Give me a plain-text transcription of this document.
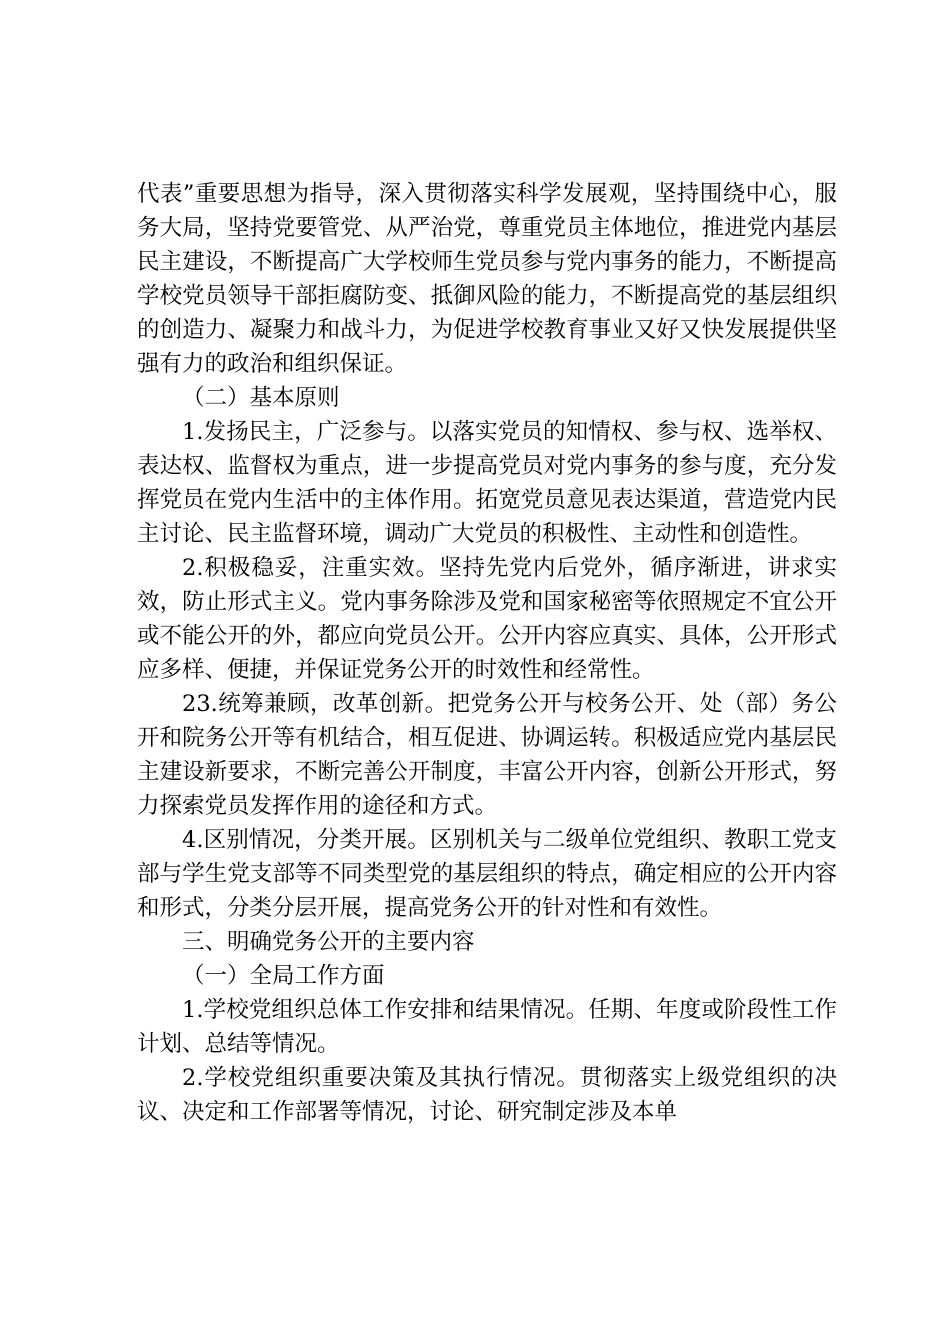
代表”重要思想为指导，深入贯彻落实科学发展观，坚持围绕中心，服务大局，坚持党要管党、从严治党，尊重党员主体地位，推进党内基层民主建设，不断提高广大学校师生党员参与党内事务的能力，不断提高学校党员领导干部拒腐防变、抵御风险的能力，不断提高党的基层组织的创造力、凝聚力和战斗力，为促进学校教育事业又好又快发展提供坚强有力的政治和组织保证。

（二）基本原则

1.发扬民主，广泛参与。以落实党员的知情权、参与权、选举权、表达权、监督权为重点，进一步提高党员对党内事务的参与度，充分发挥党员在党内生活中的主体作用。拓宽党员意见表达渠道，营造党内民主讨论、民主监督环境，调动广大党员的积极性、主动性和创造性。

2.积极稳妥，注重实效。坚持先党内后党外，循序渐进，讲求实效，防止形式主义。党内事务除涉及党和国家秘密等依照规定不宜公开或不能公开的外，都应向党员公开。公开内容应真实、具体，公开形式应多样、便捷，并保证党务公开的时效性和经常性。

23.统筹兼顾，改革创新。把党务公开与校务公开、处（部）务公开和院务公开等有机结合，相互促进、协调运转。积极适应党内基层民主建设新要求，不断完善公开制度，丰富公开内容，创新公开形式，努力探索党员发挥作用的途径和方式。

4.区别情况，分类开展。区别机关与二级单位党组织、教职工党支部与学生党支部等不同类型党的基层组织的特点，确定相应的公开内容和形式，分类分层开展，提高党务公开的针对性和有效性。

三、明确党务公开的主要内容

（一）全局工作方面

1.学校党组织总体工作安排和结果情况。任期、年度或阶段性工作计划、总结等情况。

2.学校党组织重要决策及其执行情况。贯彻落实上级党组织的决议、决定和工作部署等情况，讨论、研究制定涉及本单
